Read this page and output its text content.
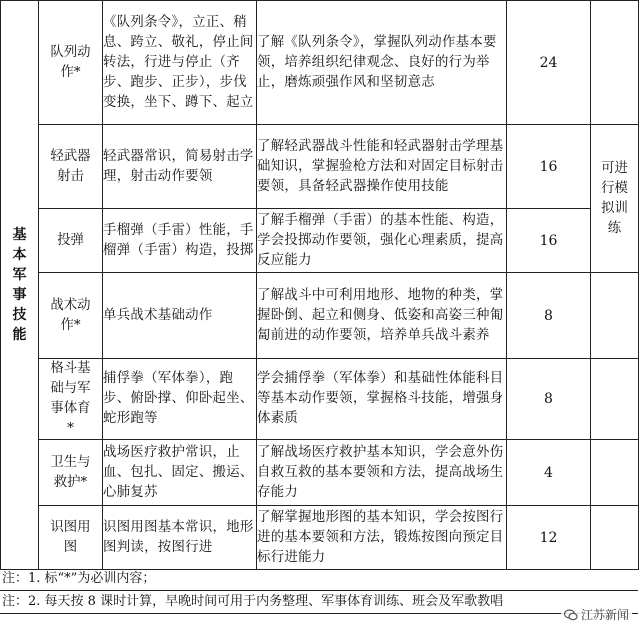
基本军事技能	队列动作*	《队列条令》，立正、稍息、跨立、敬礼，停止间转法，行进与停止（齐步、跑步、正步），步伐变换，坐下、蹲下、起立	了解《队列条令》，掌握队列动作基本要领，培养组织纪律观念、良好的行为举止，磨炼顽强作风和坚韧意志	24	
	轻武器射击	轻武器常识，简易射击学理，射击动作要领	了解轻武器战斗性能和轻武器射击学理基础知识，掌握验枪方法和对固定目标射击要领，具备轻武器操作使用技能	16	可进行模拟训练
	投弹	手榴弹（手雷）性能，手榴弹（手雷）构造，投掷	了解手榴弹（手雷）的基本性能、构造，学会投掷动作要领，强化心理素质，提高反应能力	16	
	战术动作*	单兵战术基础动作	了解战斗中可利用地形、地物的种类，掌握卧倒、起立和侧身、低姿和高姿三种匍匐前进的动作要领，培养单兵战斗素养	8	
	格斗基础与军事体育*	捕俘拳（军体拳），跑步、俯卧撑、仰卧起坐、蛇形跑等	学会捕俘拳（军体拳）和基础性体能科目等基本动作要领，掌握格斗技能，增强身体素质	8	
	卫生与救护*	战场医疗救护常识，止血、包扎、固定、搬运、心肺复苏	了解战场医疗救护基本知识，学会意外伤自救互救的基本要领和方法，提高战场生存能力	4	
	识图用图	识图用图基本常识，地形图判读，按图行进	了解掌握地形图的基本知识，学会按图行进的基本要领和方法，锻炼按图向预定目标行进能力	12	
注：1. 标“*”为必训内容；
注：2. 每天按 8 课时计算，早晚时间可用于内务整理、军事体育训练、班会及军歌教唱
江苏新闻
